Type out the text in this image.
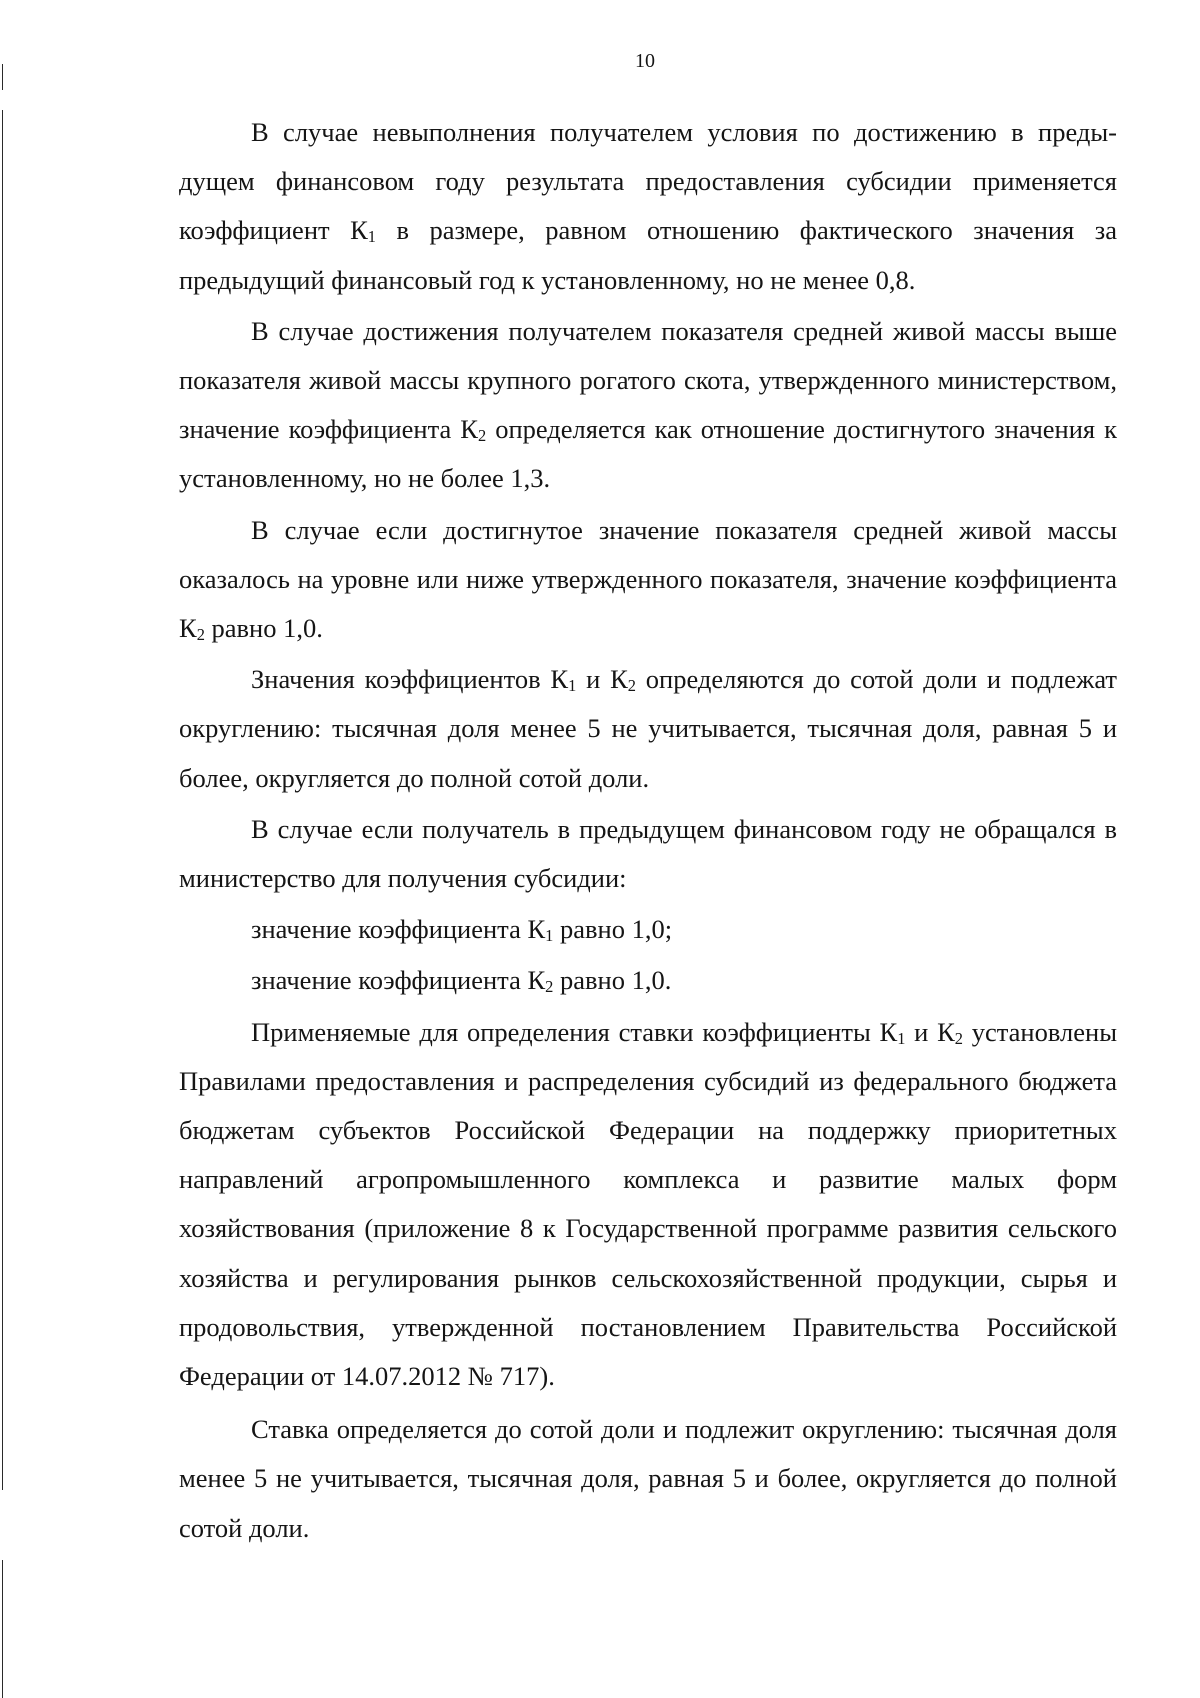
10

В случае невыполнения получателем условия по достижению в предыдущем финансовом году результата предоставления субсидии применяется коэффициент $К_1$ в размере, равном отношению фактического значения за предыдущий финансовый год к установленному, но не менее 0,8.

В случае достижения получателем показателя средней живой массы выше показателя живой массы крупного рогатого скота, утвержденного министерством, значение коэффициента $К_2$ определяется как отношение достигнутого значения к установленному, но не более 1,3.

В случае если достигнутое значение показателя средней живой массы оказалось на уровне или ниже утвержденного показателя, значение коэффициента $К_2$ равно 1,0.

Значения коэффициентов $К_1$ и $К_2$ определяются до сотой доли и подлежат округлению: тысячная доля менее 5 не учитывается, тысячная доля, равная 5 и более, округляется до полной сотой доли.

В случае если получатель в предыдущем финансовом году не обращался в министерство для получения субсидии:

значение коэффициента $К_1$ равно 1,0;

значение коэффициента $К_2$ равно 1,0.

Применяемые для определения ставки коэффициенты $К_1$ и $К_2$ установлены Правилами предоставления и распределения субсидий из федерального бюджета бюджетам субъектов Российской Федерации на поддержку приоритетных направлений агропромышленного комплекса и развитие малых форм хозяйствования (приложение 8 к Государственной программе развития сельского хозяйства и регулирования рынков сельскохозяйственной продукции, сырья и продовольствия, утвержденной постановлением Правительства Российской Федерации от 14.07.2012 № 717).

Ставка определяется до сотой доли и подлежит округлению: тысячная доля менее 5 не учитывается, тысячная доля, равная 5 и более, округляется до полной сотой доли.
